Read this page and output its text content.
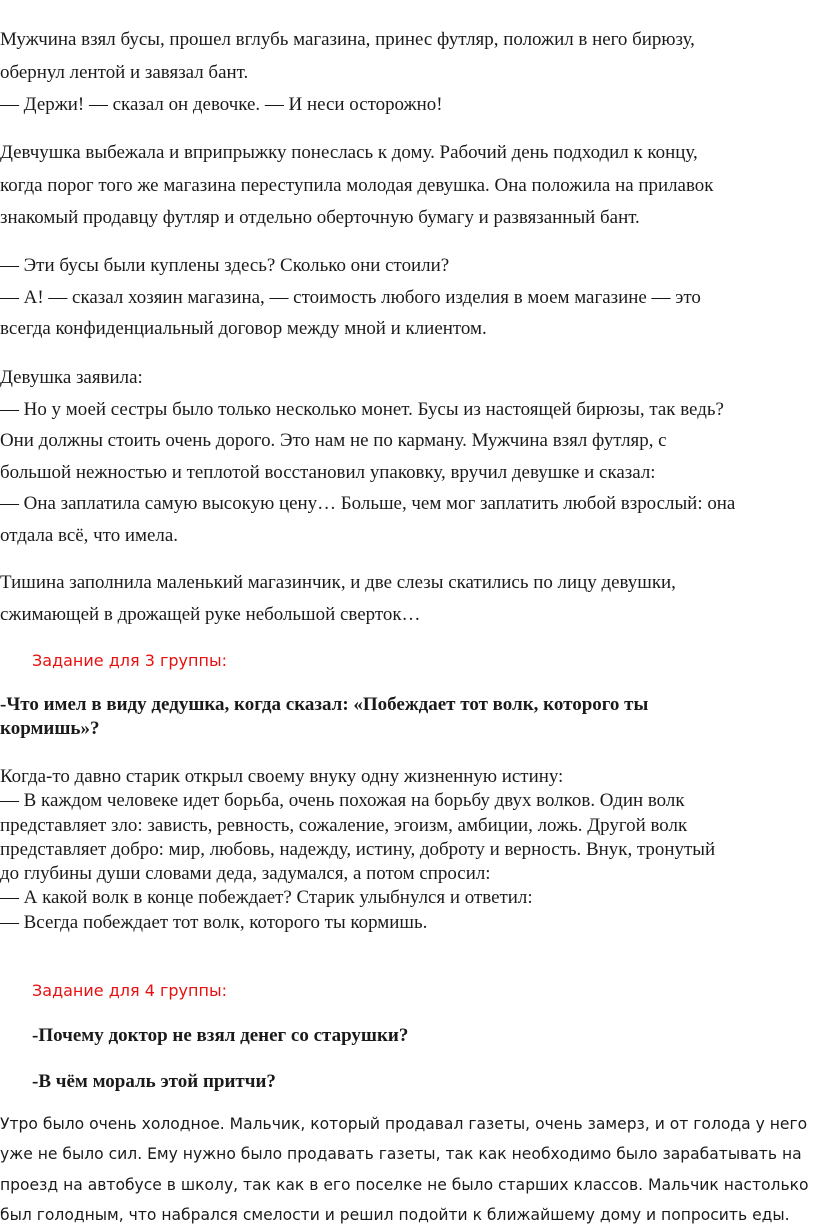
Мужчина взял бусы, прошел вглубь магазина, принес футляр, положил в него бирюзу,
обернул лентой и завязал бант.
— Держи! — сказал он девочке. — И неси осторожно!
Девчушка выбежала и вприпрыжку понеслась к дому. Рабочий день подходил к концу,
когда порог того же магазина переступила молодая девушка. Она положила на прилавок
знакомый продавцу футляр и отдельно оберточную бумагу и развязанный бант.
— Эти бусы были куплены здесь? Сколько они стоили?
— А! — сказал хозяин магазина, — стоимость любого изделия в моем магазине — это
всегда конфиденциальный договор между мной и клиентом.
Девушка заявила:
— Но у моей сестры было только несколько монет. Бусы из настоящей бирюзы, так ведь?
Они должны стоить очень дорого. Это нам не по карману. Мужчина взял футляр, с
большой нежностью и теплотой восстановил упаковку, вручил девушке и сказал:
— Она заплатила самую высокую цену… Больше, чем мог заплатить любой взрослый: она
отдала всё, что имела.
Тишина заполнила маленький магазинчик, и две слезы скатились по лицу девушки,
сжимающей в дрожащей руке небольшой сверток…
Задание для 3 группы:
-Что имел в виду дедушка, когда сказал: «Побеждает тот волк, которого ты
кормишь»?
Когда-то давно старик открыл своему внуку одну жизненную истину:
— В каждом человеке идет борьба, очень похожая на борьбу двух волков. Один волк
представляет зло: зависть, ревность, сожаление, эгоизм, амбиции, ложь. Другой волк
представляет добро: мир, любовь, надежду, истину, доброту и верность. Внук, тронутый
до глубины души словами деда, задумался, а потом спросил:
— А какой волк в конце побеждает? Старик улыбнулся и ответил:
— Всегда побеждает тот волк, которого ты кормишь.
Задание для 4 группы:
-Почему доктор не взял денег со старушки?
-В чём мораль этой притчи?
Утро было очень холодное. Мальчик, который продавал газеты, очень замерз, и от голода у него
уже не было сил. Ему нужно было продавать газеты, так как необходимо было зарабатывать на
проезд на автобусе в школу, так как в его поселке не было старших классов. Мальчик настолько
был голодным, что набрался смелости и решил подойти к ближайшему дому и попросить еды.
